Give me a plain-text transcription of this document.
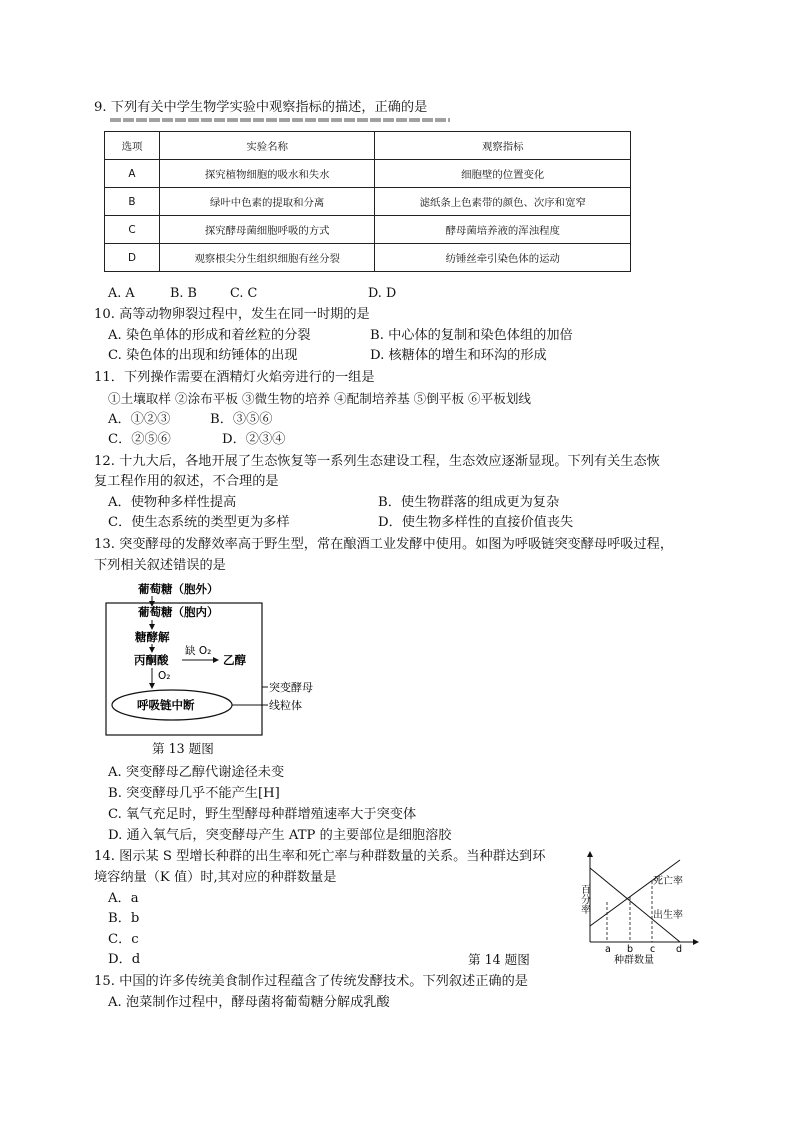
9. 下列有关中学生物学实验中观察指标的描述，正确的是
选项	实验名称	观察指标
A	探究植物细胞的吸水和失水	细胞壁的位置变化
B	绿叶中色素的提取和分离	滤纸条上色素带的颜色、次序和宽窄
C	探究酵母菌细胞呼吸的方式	酵母菌培养液的浑浊程度
D	观察根尖分生组织细胞有丝分裂	纺锤丝牵引染色体的运动
A. A	B. B	C. C	D. D
10. 高等动物卵裂过程中，发生在同一时期的是
A. 染色单体的形成和着丝粒的分裂	B. 中心体的复制和染色体组的加倍
C. 染色体的出现和纺锤体的出现	D. 核糖体的增生和环沟的形成
11．下列操作需要在酒精灯火焰旁进行的一组是
①土壤取样 ②涂布平板 ③微生物的培养 ④配制培养基 ⑤倒平板 ⑥平板划线
A．①②③	B．③⑤⑥
C．②⑤⑥	D．②③④
12. 十九大后，各地开展了生态恢复等一系列生态建设工程，生态效应逐渐显现。下列有关生态恢
复工程作用的叙述，不合理的是
A．使物种多样性提高	B．使生物群落的组成更为复杂
C．使生态系统的类型更为多样	D．使生物多样性的直接价值丧失
13. 突变酵母的发酵效率高于野生型，常在酿酒工业发酵中使用。如图为呼吸链突变酵母呼吸过程，
下列相关叙述错误的是
葡萄糖（胞外）
葡萄糖（胞内）
糖酵解
丙酮酸
缺 O₂
乙醇
O₂
呼吸链中断
突变酵母
线粒体
第 13 题图
A. 突变酵母乙醇代谢途径未变
B. 突变酵母几乎不能产生[H]
C. 氧气充足时，野生型酵母种群增殖速率大于突变体
D. 通入氧气后，突变酵母产生 ATP 的主要部位是细胞溶胶
14. 图示某 S 型增长种群的出生率和死亡率与种群数量的关系。当种群达到环
境容纳量（K 值）时,其对应的种群数量是
A．a
B．b
C．c
D．d	第 14 题图
百分率
死亡率
出生率
a b c d
种群数量
15. 中国的许多传统美食制作过程蕴含了传统发酵技术。下列叙述正确的是
A. 泡菜制作过程中，酵母菌将葡萄糖分解成乳酸
